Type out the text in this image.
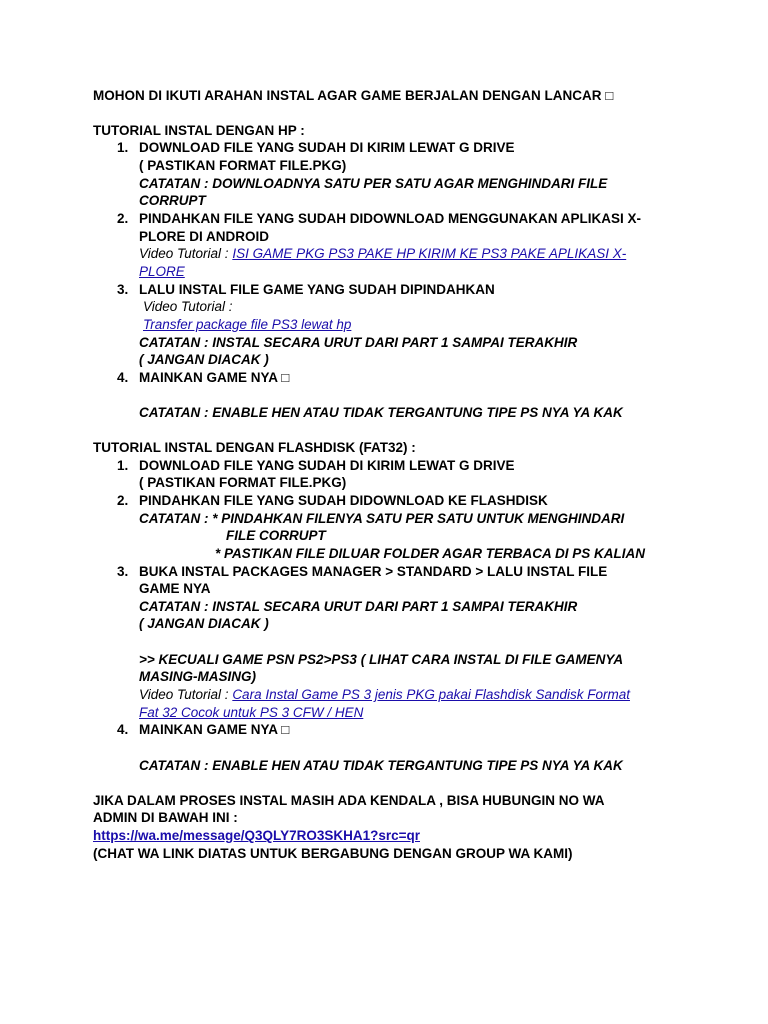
MOHON DI IKUTI ARAHAN INSTAL AGAR GAME BERJALAN DENGAN LANCAR □
TUTORIAL INSTAL DENGAN HP :
1. DOWNLOAD FILE YANG SUDAH DI KIRIM LEWAT G DRIVE
( PASTIKAN FORMAT FILE.PKG)
CATATAN : DOWNLOADNYA SATU PER SATU AGAR MENGHINDARI FILE
CORRUPT
2. PINDAHKAN FILE YANG SUDAH DIDOWNLOAD MENGGUNAKAN APLIKASI X-
PLORE DI ANDROID
Video Tutorial : ISI GAME PKG PS3 PAKE HP KIRIM KE PS3 PAKE APLIKASI X-
PLORE
3. LALU INSTAL FILE GAME YANG SUDAH DIPINDAHKAN
Video Tutorial :
Transfer package file PS3 lewat hp
CATATAN : INSTAL SECARA URUT DARI PART 1 SAMPAI TERAKHIR
( JANGAN DIACAK )
4. MAINKAN GAME NYA □
CATATAN : ENABLE HEN ATAU TIDAK TERGANTUNG TIPE PS NYA YA KAK
TUTORIAL INSTAL DENGAN FLASHDISK (FAT32) :
1. DOWNLOAD FILE YANG SUDAH DI KIRIM LEWAT G DRIVE
( PASTIKAN FORMAT FILE.PKG)
2. PINDAHKAN FILE YANG SUDAH DIDOWNLOAD KE FLASHDISK
CATATAN : * PINDAHKAN FILENYA SATU PER SATU UNTUK MENGHINDARI
FILE CORRUPT
* PASTIKAN FILE DILUAR FOLDER AGAR TERBACA DI PS KALIAN
3. BUKA INSTAL PACKAGES MANAGER > STANDARD > LALU INSTAL FILE
GAME NYA
CATATAN : INSTAL SECARA URUT DARI PART 1 SAMPAI TERAKHIR
( JANGAN DIACAK )
>> KECUALI GAME PSN PS2>PS3 ( LIHAT CARA INSTAL DI FILE GAMENYA
MASING-MASING)
Video Tutorial : Cara Instal Game PS 3 jenis PKG pakai Flashdisk Sandisk Format
Fat 32 Cocok untuk PS 3 CFW / HEN
4. MAINKAN GAME NYA □
CATATAN : ENABLE HEN ATAU TIDAK TERGANTUNG TIPE PS NYA YA KAK
JIKA DALAM PROSES INSTAL MASIH ADA KENDALA , BISA HUBUNGIN NO WA
ADMIN DI BAWAH INI :
https://wa.me/message/Q3QLY7RO3SKHA1?src=qr
(CHAT WA LINK DIATAS UNTUK BERGABUNG DENGAN GROUP WA KAMI)
